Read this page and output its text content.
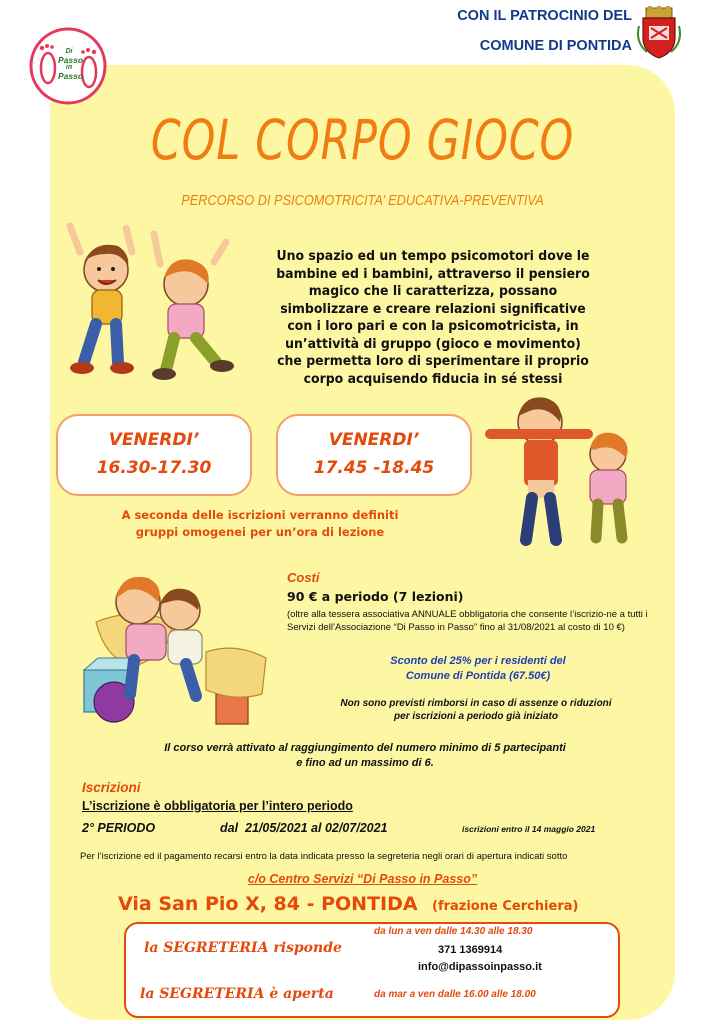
CON IL PATROCINIO DEL
COMUNE DI PONTIDA
Di
Passo
in
Passo
COL CORPO GIOCO
PERCORSO DI PSICOMOTRICITA’ EDUCATIVA-PREVENTIVA
Uno spazio ed un tempo psicomotori dove le bambine ed i bambini, attraverso il pensiero magico che li caratterizza, possano simbolizzare e creare relazioni significative con i loro pari e con la psicomotricista, in un’attività di gruppo (gioco e movimento) che permetta loro di sperimentare il proprio corpo acquisendo fiducia in sé stessi
VENERDI’
16.30-17.30
VENERDI’
17.45 -18.45
A seconda delle iscrizioni verranno definiti
gruppi omogenei per un’ora di lezione
Costi
90 € a periodo (7 lezioni)
(oltre alla tessera associativa ANNUALE obbligatoria che consente l’iscrizio-ne a tutti i Servizi dell’Associazione “Di Passo in Passo” fino al 31/08/2021 al costo di 10 €)
Sconto del 25% per i residenti del
Comune di Pontida (67.50€)
Non sono previsti rimborsi in caso di assenze o riduzioni
per iscrizioni a periodo già iniziato
Il corso verrà attivato al raggiungimento del numero minimo di 5 partecipanti
e fino ad un massimo di 6.
Iscrizioni
L’iscrizione è obbligatoria per l’intero periodo
2° PERIODO	dal  21/05/2021 al 02/07/2021	iscrizioni entro il 14 maggio 2021
Per l’iscrizione ed il pagamento recarsi entro la data indicata presso la segreteria negli orari di apertura indicati sotto
c/o Centro Servizi “Di Passo in Passo”
Via San Pio X, 84 - PONTIDA (frazione Cerchiera)
da lun a ven dalle 14.30 alle 18.30
la SEGRETERIA risponde	371 1369914
info@dipassoinpasso.it
la SEGRETERIA è aperta	da mar a ven dalle 16.00 alle 18.00
